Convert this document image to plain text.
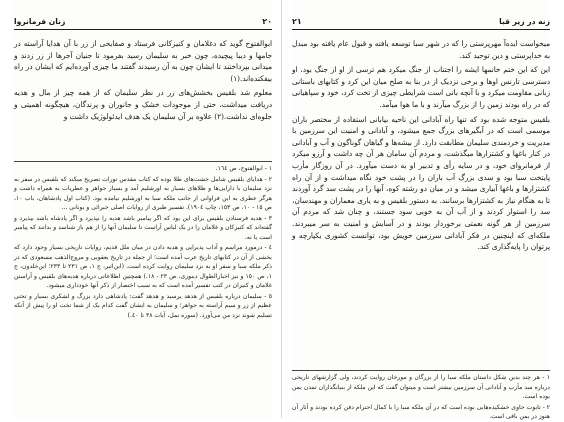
٢٠
زنان فرمانروا

ابوالفتوح گوید که دغلامان و کنیزکانی فرستاد و صفایحی از زر با آن هدایا آراسته در جامها و دیبا پیچیده، چون خبر به سلیمان رسید بفرمود تا جنیان آجرها از زر زدند و میدانی بپرداختند تا ایشان چون به آن رسیدند گفتند ما چیزی آورده‌ایم که ایشان در راه بیفکنده‌اند.(١)

معلوم شد بلقیس بخشش‌های زر در نظر سلیمان که از همه چیز از مال و هدیه دریافت میداشت، حتی از موجودات خشک و جانوران و پرندگان، هیچگونه اهمیتی و جلوه‌ای نداشت.(٢) علاوه بر آن سلیمان یک هدف ایدئولوژیک داشت و

١ - ابوالفتوح، ص ١٦٤.

٢ - هدایای بلقیس شامل خشت‌های طلا بوده که کتاب مقدس تورات تصریح میکند که بلقیس در سفر به نزد سلیمان با دارایی‌ها و طلاهای بسیار به اورشلیم آمد و بسیار جواهر و عطریات به همراه داشت و هرگز عطری به این فراوانی از جانب ملکه سبا به اورشلیم نیامده بود. (کتاب اول پادشاهان، باب ١٠، ص ١٥ - ١٠، ص ١٥٣، چاپ ١٩٠٤). تفسیر طبری از روایات اصلی جبرائی و یونانی ...

٣ - هدیه فرستادن بلقیس برای این بود که اگر پیامبر باشد هدیه را نپذیرد و اگر پادشاه باشد بپذیرد و گفته‌اند که کنیزکان و غلامان را در یک لباس آراست تا سلیمان آنها را از هم باز شناسد و بدانند که پیامبر است یا نه.

٤ - درمورد مراسم و آداب پذیرایی و هدیه دادن در میان ملل قدیم، روایات تاریخی بسیار وجود دارد که بخشی از آن در کتابهای تاریخ عرب آمده است؛ از جمله در تاریخ یعقوبی و مروج‌الذهب مسعودی که در ذکر ملکه سبا و سفر او به نزد سلیمان روایت کرده است. (ابن‌اثیر، ج ١، ص ٢٣١ تا ٢٣٣؛ ابن‌خلدون، ج ١، ص ١٥٠ و نیز اخبارالطوال دینوری، ص ٢٣ - ١٨.) همچنین اطلاعاتی درباره هدیه‌های بلقیس و آراستن غلامان و کنیزان در کتب تفسیر آمده است که به سبب اختصار از ذکر آنها خودداری میشود.

٥ - سلیمان درباره بلقیس از هدهد پرسید و هدهد گفت: پادشاهی دارد بزرگ و لشکری بسیار و تختی عظیم از زر و سیم آراسته به جواهر؛ و سلیمان به ایشان گفت کدام یک از شما تخت او را پیش از آنکه تسلیم شوند نزد من می‌آورد. (سوره نمل، آیات ٣٨ تا ٤٠.)

٢١	زنه در زیر قبا

میخواست ایده‌آ مهرپرستی را که در شهر سبا توسعه یافته و قبول عام یافته بود مبدل به خداپرستی و دین توحید کند.

این که این ختم خانمها ایشه را اجتناب از جنگ میکرد هم ترسی از او از جنگ بود، او دسترسی تارنس اوها و برخی نزدیک از در بنا به صلح میان این کرد و کتابهای باستانی زبانی مقاومت میکرد و با آنچه بانی است شرایطی چیزی از تخت کرد، خود و سپاهیانی که در راه بودند زمین را از بزرگ میآرند و با ما هوا میآمد.

بلقیس متوجه شده بود که تنها راه آبادانی این ناحیه بیابانی استفاده از مختصر باران موسمی است که در آبگیرهای بزرگ جمع میشود، و آبادانی و امنیت این سرزمین با مدیریت و خردمندی سلیمان مطابقت دارد. از بیشه‌ها و گیاهان گوناگون و آب و آبادانی در کنار باغها و کشتزارها میگذشت، و مردم آن سامان هر آن چه داشت و آرزو میکرد از فرمانروای خود، و در سایه رأی و تدبیر او به دست میآورد. در آن روزگار مأرب پایتخت سبا بود و سدی بزرگ آب باران را در پشت خود نگاه میداشت و از آن راه کشتزارها و باغها آبیاری میشد و در میان دو رشته کوه، آبها را در پشت سد گرد آوردند تا به هنگام نیاز به کشتزارها برسانند. به دستور بلقیس و به یاری معماران و مهندسان، سد را استوار کردند و از آب آن به خوبی سود جستند، و چنان شد که مردم آن سرزمین از هر گونه نعمتی برخوردار بودند و در آسایش و امنیت به سر میبردند. ملکه‌ای که اینچنین در فکر آبادانی سرزمین خویش بود، توانست کشوری یکپارچه و پرتوان را پایه‌گذاری کند.

١ - هر چند بدین شکل داستان ملکه سبا را از بزرگان و مورخان روایت کردند، ولی گزارشهای تاریخی درباره سد مأرب و آبادانی آن سرزمین بیشتر است و میتوان گفت که این ملکه از بنیانگذاران تمدن یمن بوده است.

٢ - تابوت حاوی خشکیده‌هایی بوده است که در آن ملکه سبا را با کمال احترام دفن کرده بودند و آثار آن هنوز در یمن باقی است.
